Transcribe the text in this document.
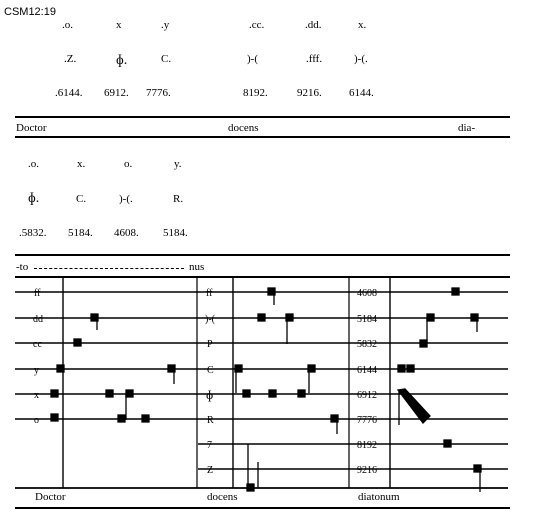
CSM12:19
.o.	x	.y	.cc.	.dd.	x.
.Z.	ɸ.	C.	)-(	.fff.	)-(.
.6144. 6912. 7776.	8192.	9216. 6144.
Doctor	docens	dia-
.o.	x.	o.	y.
ɸ.	C.	)-(.	R.
.5832. 5184. 4608. 5184.
-to	nus
ff
dd
cc
y
x
o
ff
)-(
P
C
ɸ
R
7
Z
4608
5184
5832
6144
6912
7776
8192
9216
Doctor	docens	diatonum
